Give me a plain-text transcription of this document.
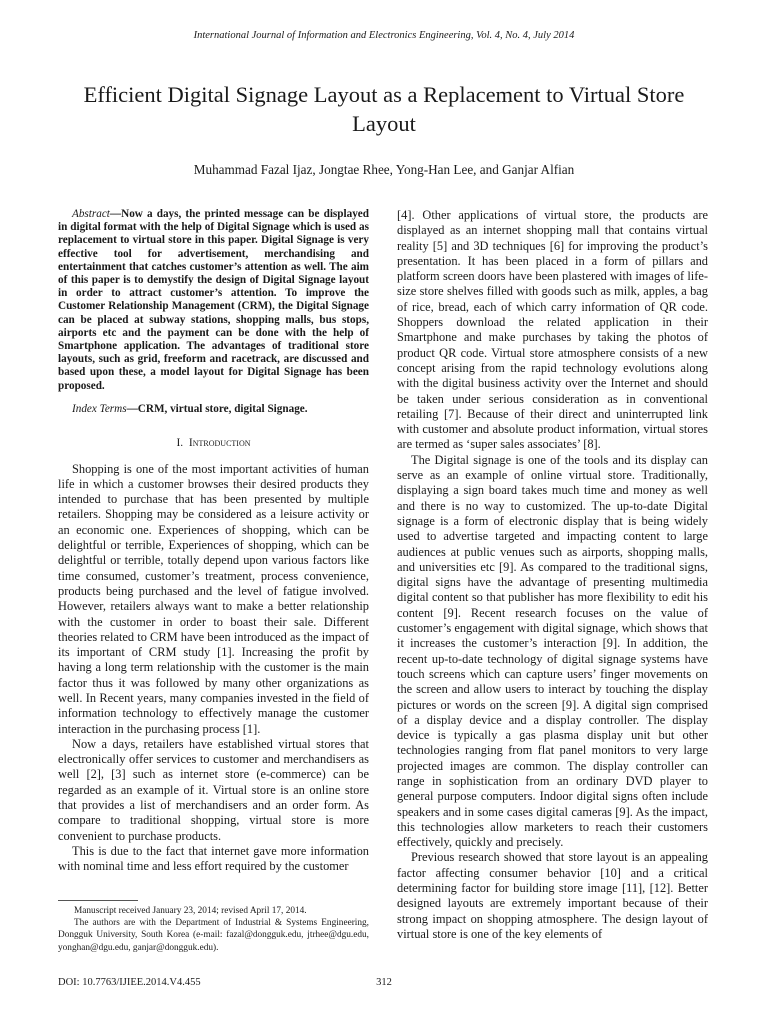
International Journal of Information and Electronics Engineering, Vol. 4, No. 4, July 2014
Efficient Digital Signage Layout as a Replacement to Virtual Store Layout
Muhammad Fazal Ijaz, Jongtae Rhee, Yong-Han Lee, and Ganjar Alfian

Abstract—Now a days, the printed message can be displayed in digital format with the help of Digital Signage which is used as replacement to virtual store in this paper. Digital Signage is very effective tool for advertisement, merchandising and entertainment that catches customer’s attention as well. The aim of this paper is to demystify the design of Digital Signage layout in order to attract customer’s attention. To improve the Customer Relationship Management (CRM), the Digital Signage can be placed at subway stations, shopping malls, bus stops, airports etc and the payment can be done with the help of Smartphone application. The advantages of traditional store layouts, such as grid, freeform and racetrack, are discussed and based upon these, a model layout for Digital Signage has been proposed.

Index Terms—CRM, virtual store, digital Signage.

I. Introduction

Shopping is one of the most important activities of human life in which a customer browses their desired products they intended to purchase that has been presented by multiple retailers. Shopping may be considered as a leisure activity or an economic one. Experiences of shopping, which can be delightful or terrible, Experiences of shopping, which can be delightful or terrible, totally depend upon various factors like time consumed, customer’s treatment, process convenience, products being purchased and the level of fatigue involved. However, retailers always want to make a better relationship with the customer in order to boast their sale. Different theories related to CRM have been introduced as the impact of its important of CRM study [1]. Increasing the profit by having a long term relationship with the customer is the main factor thus it was followed by many other organizations as well. In Recent years, many companies invested in the field of information technology to effectively manage the customer interaction in the purchasing process [1].

Now a days, retailers have established virtual stores that electronically offer services to customer and merchandisers as well [2], [3] such as internet store (e-commerce) can be regarded as an example of it. Virtual store is an online store that provides a list of merchandisers and an order form. As compare to traditional shopping, virtual store is more convenient to purchase products.

This is due to the fact that internet gave more information with nominal time and less effort required by the customer

[4]. Other applications of virtual store, the products are displayed as an internet shopping mall that contains virtual reality [5] and 3D techniques [6] for improving the product’s presentation. It has been placed in a form of pillars and platform screen doors have been plastered with images of life-size store shelves filled with goods such as milk, apples, a bag of rice, bread, each of which carry information of QR code. Shoppers download the related application in their Smartphone and make purchases by taking the photos of product QR code. Virtual store atmosphere consists of a new concept arising from the rapid technology evolutions along with the digital business activity over the Internet and should be taken under serious consideration as in conventional retailing [7]. Because of their direct and uninterrupted link with customer and absolute product information, virtual stores are termed as ‘super sales associates’ [8].

The Digital signage is one of the tools and its display can serve as an example of online virtual store. Traditionally, displaying a sign board takes much time and money as well and there is no way to customized. The up-to-date Digital signage is a form of electronic display that is being widely used to advertise targeted and impacting content to large audiences at public venues such as airports, shopping malls, and universities etc [9]. As compared to the traditional signs, digital signs have the advantage of presenting multimedia digital content so that publisher has more flexibility to edit his content [9]. Recent research focuses on the value of customer’s engagement with digital signage, which shows that it increases the customer’s interaction [9]. In addition, the recent up-to-date technology of digital signage systems have touch screens which can capture users’ finger movements on the screen and allow users to interact by touching the display pictures or words on the screen [9]. A digital sign comprised of a display device and a display controller. The display device is typically a gas plasma display unit but other technologies ranging from flat panel monitors to very large projected images are common. The display controller can range in sophistication from an ordinary DVD player to general purpose computers. Indoor digital signs often include speakers and in some cases digital cameras [9]. As the impact, this technologies allow marketers to reach their customers effectively, quickly and precisely.

Previous research showed that store layout is an appealing factor affecting consumer behavior [10] and a critical determining factor for building store image [11], [12]. Better designed layouts are extremely important because of their strong impact on shopping atmosphere. The design layout of virtual store is one of the key elements of

Manuscript received January 23, 2014; revised April 17, 2014.

The authors are with the Department of Industrial & Systems Engineering, Dongguk University, South Korea (e-mail: fazal@dongguk.edu, jtrhee@dgu.edu, yonghan@dgu.edu, ganjar@dongguk.edu).

DOI: 10.7763/IJIEE.2014.V4.455	312
